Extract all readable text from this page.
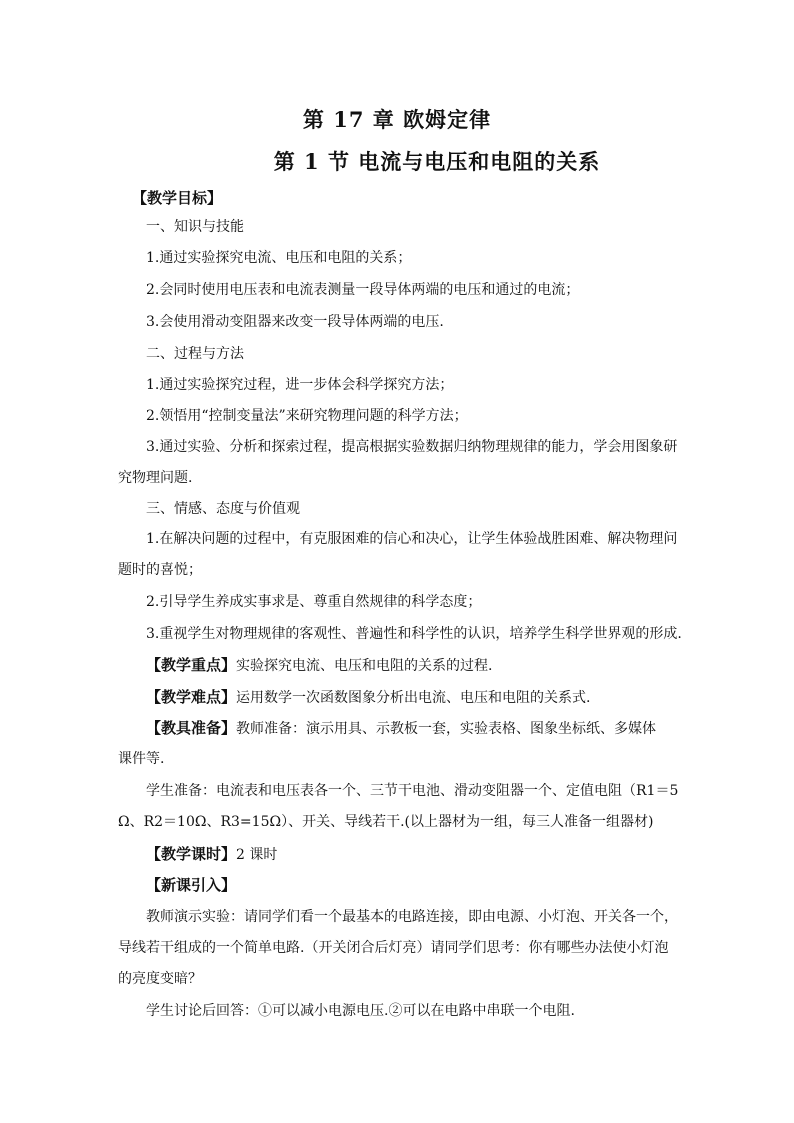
第 17 章 欧姆定律
第 1 节 电流与电压和电阻的关系
【教学目标】
一、知识与技能
1.通过实验探究电流、电压和电阻的关系；
2.会同时使用电压表和电流表测量一段导体两端的电压和通过的电流；
3.会使用滑动变阻器来改变一段导体两端的电压.
二、过程与方法
1.通过实验探究过程，进一步体会科学探究方法；
2.领悟用“控制变量法”来研究物理问题的科学方法；
3.通过实验、分析和探索过程，提高根据实验数据归纳物理规律的能力，学会用图象研
究物理问题.
三、情感、态度与价值观
1.在解决问题的过程中，有克服困难的信心和决心，让学生体验战胜困难、解决物理问
题时的喜悦；
2.引导学生养成实事求是、尊重自然规律的科学态度；
3.重视学生对物理规律的客观性、普遍性和科学性的认识，培养学生科学世界观的形成.
【教学重点】实验探究电流、电压和电阻的关系的过程.
【教学难点】运用数学一次函数图象分析出电流、电压和电阻的关系式.
【教具准备】教师准备：演示用具、示教板一套，实验表格、图象坐标纸、多媒体
课件等.
学生准备：电流表和电压表各一个、三节干电池、滑动变阻器一个、定值电阻（R1＝5
Ω、R2＝10Ω、R3=15Ω）、开关、导线若干.(以上器材为一组，每三人准备一组器材)
【教学课时】2 课时
【新课引入】
教师演示实验：请同学们看一个最基本的电路连接，即由电源、小灯泡、开关各一个，
导线若干组成的一个简单电路.（开关闭合后灯亮）请同学们思考：你有哪些办法使小灯泡
的亮度变暗？
学生讨论后回答：①可以减小电源电压.②可以在电路中串联一个电阻.
